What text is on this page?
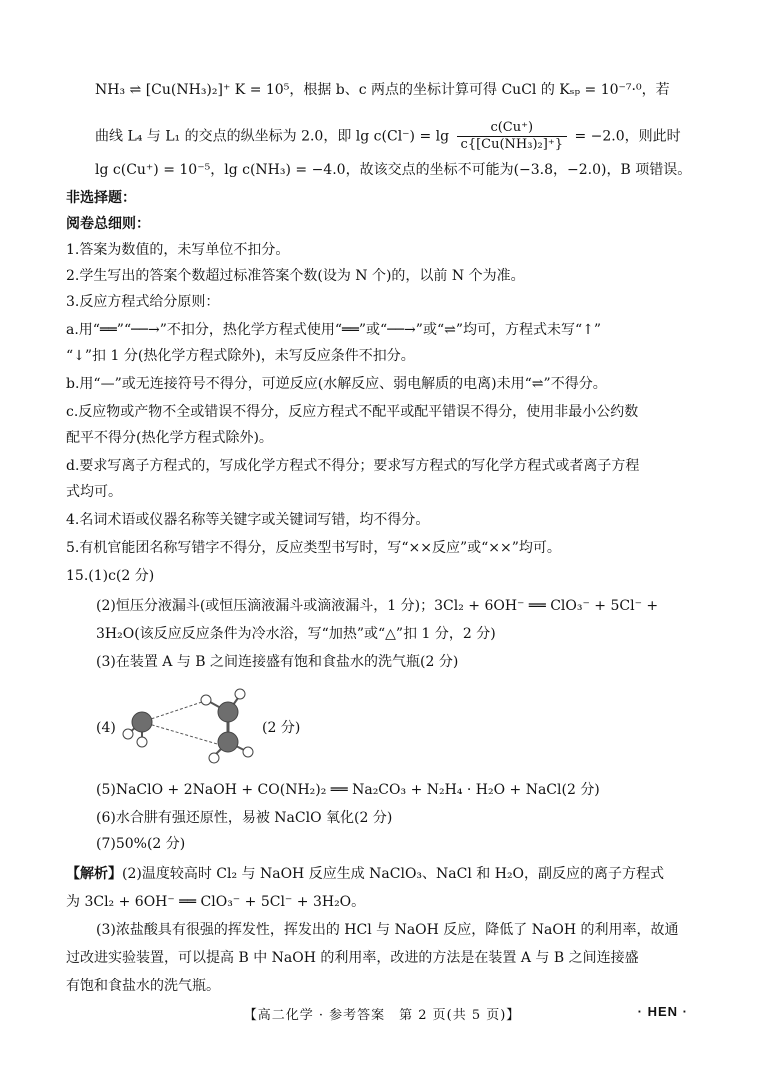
NH₃ ⇌ [Cu(NH₃)₂]⁺ K = 10⁵，根据 b、c 两点的坐标计算可得 CuCl 的 Kₛₚ = 10⁻⁷·⁰，若
曲线 L₄ 与 L₁ 的交点的纵坐标为 2.0，即 $\lg c(Cl^-) = \lg \frac{c(Cu^+)}{\text{c\{[Cu(NH₃)₂]⁺\}}} = -2.0$，则此时
lg c(Cu⁺) = 10⁻⁵，lg c(NH₃) = −4.0，故该交点的坐标不可能为(−3.8，−2.0)，B 项错误。
非选择题：
阅卷总细则：
1.答案为数值的，未写单位不扣分。
2.学生写出的答案个数超过标准答案个数(设为 N 个)的，以前 N 个为准。
3.反应方程式给分原则：
a.用“══”“──→”不扣分，热化学方程式使用“══”或“──→”或“⇌”均可，方程式未写“↑”
“↓”扣 1 分(热化学方程式除外)，未写反应条件不扣分。
b.用“—”或无连接符号不得分，可逆反应(水解反应、弱电解质的电离)未用“⇌”不得分。
c.反应物或产物不全或错误不得分，反应方程式不配平或配平错误不得分，使用非最小公约数
配平不得分(热化学方程式除外)。
d.要求写离子方程式的，写成化学方程式不得分；要求写方程式的写化学方程式或者离子方程
式均可。
4.名词术语或仪器名称等关键字或关键词写错，均不得分。
5.有机官能团名称写错字不得分，反应类型书写时，写“××反应”或“××”均可。
15.(1)c(2 分)
(2)恒压分液漏斗(或恒压滴液漏斗或滴液漏斗，1 分)；3Cl₂ + 6OH⁻ ══ ClO₃⁻ + 5Cl⁻ +
3H₂O(该反应反应条件为冷水浴，写“加热”或“△”扣 1 分，2 分)
(3)在装置 A 与 B 之间连接盛有饱和食盐水的洗气瓶(2 分)
(4)	(2 分)
(5)NaClO + 2NaOH + CO(NH₂)₂ ══ Na₂CO₃ + N₂H₄ · H₂O + NaCl(2 分)
(6)水合肼有强还原性，易被 NaClO 氧化(2 分)
(7)50%(2 分)
【解析】(2)温度较高时 Cl₂ 与 NaOH 反应生成 NaClO₃、NaCl 和 H₂O，副反应的离子方程式
为 3Cl₂ + 6OH⁻ ══ ClO₃⁻ + 5Cl⁻ + 3H₂O。
(3)浓盐酸具有很强的挥发性，挥发出的 HCl 与 NaOH 反应，降低了 NaOH 的利用率，故通
过改进实验装置，可以提高 B 中 NaOH 的利用率，改进的方法是在装置 A 与 B 之间连接盛
有饱和食盐水的洗气瓶。
【高二化学 · 参考答案　第 2 页(共 5 页)】	· HEN ·
